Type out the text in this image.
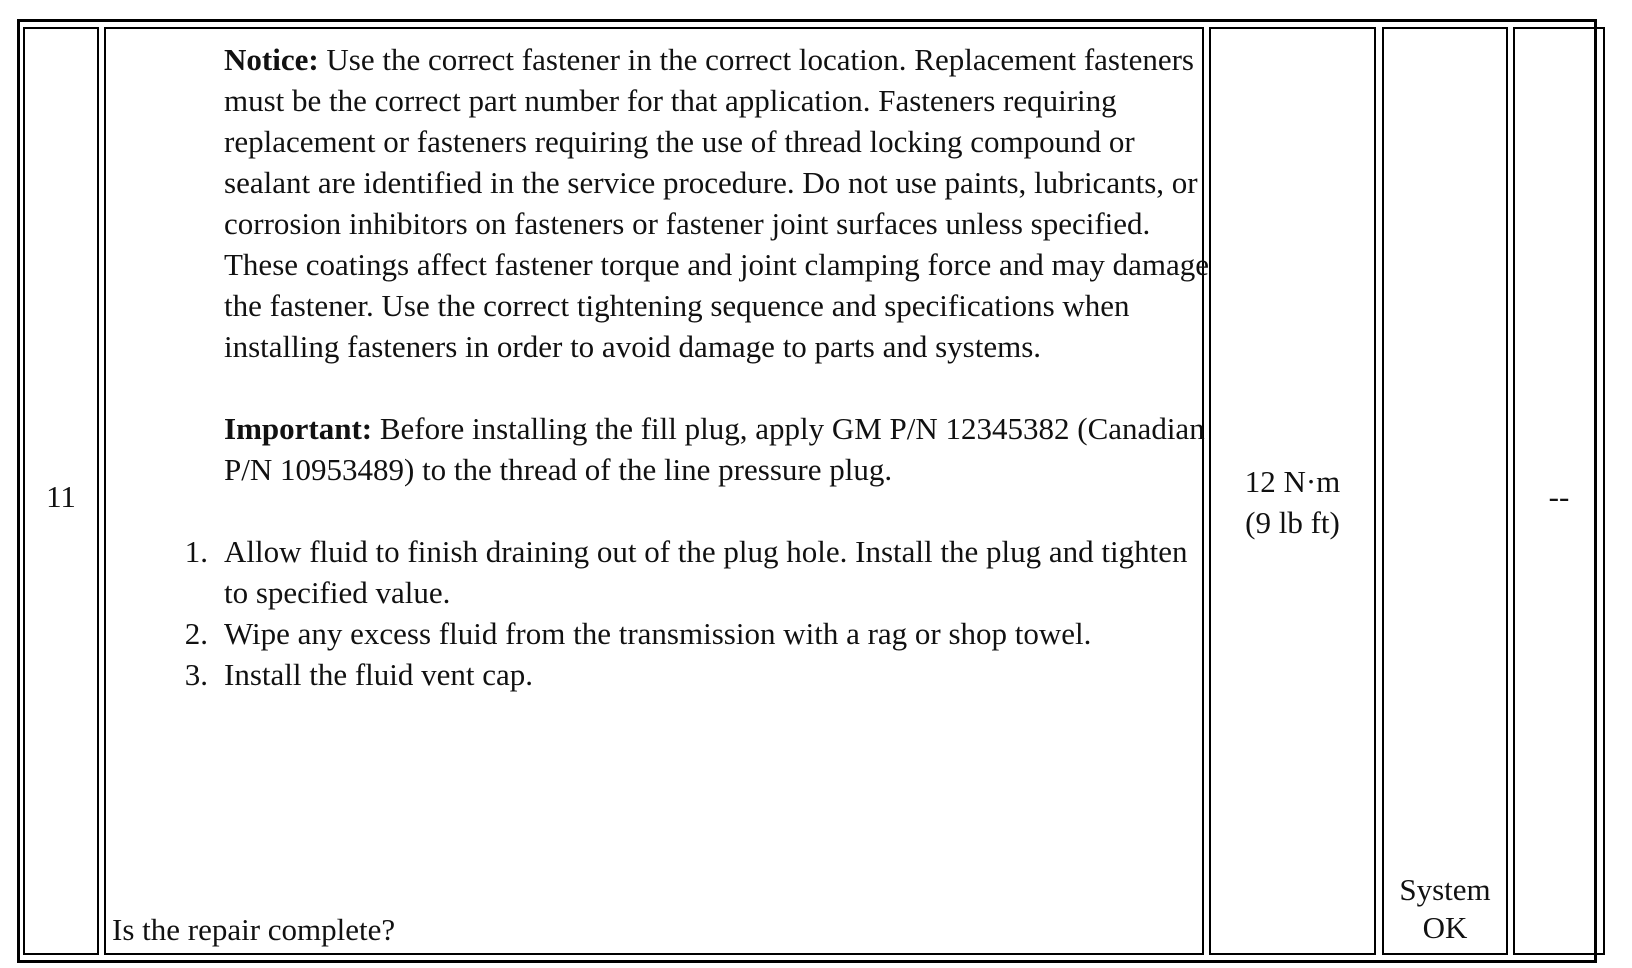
11

Notice: Use the correct fastener in the correct location. Replacement fasteners must be the correct part number for that application. Fasteners requiring replacement or fasteners requiring the use of thread locking compound or sealant are identified in the service procedure. Do not use paints, lubricants, or corrosion inhibitors on fasteners or fastener joint surfaces unless specified. These coatings affect fastener torque and joint clamping force and may damage the fastener. Use the correct tightening sequence and specifications when installing fasteners in order to avoid damage to parts and systems.

Important: Before installing the fill plug, apply GM P/N 12345382 (Canadian P/N 10953489) to the thread of the line pressure plug.

1. Allow fluid to finish draining out of the plug hole. Install the plug and tighten to specified value.
2. Wipe any excess fluid from the transmission with a rag or shop towel.
3. Install the fluid vent cap.
Is the repair complete?
12 N·m
(9 lb ft)
System
OK
--
